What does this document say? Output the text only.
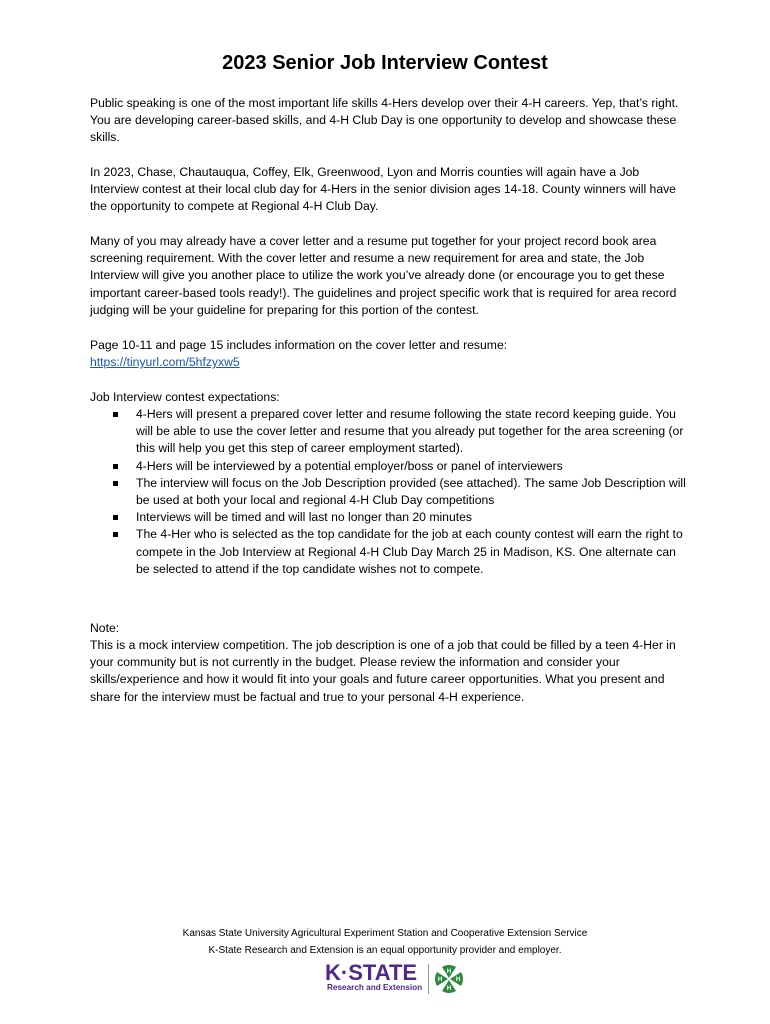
2023 Senior Job Interview Contest

Public speaking is one of the most important life skills 4-Hers develop over their 4-H careers. Yep, that’s right. You are developing career-based skills, and 4-H Club Day is one opportunity to develop and showcase these skills.

In 2023, Chase, Chautauqua, Coffey, Elk, Greenwood, Lyon and Morris counties will again have a Job Interview contest at their local club day for 4-Hers in the senior division ages 14-18. County winners will have the opportunity to compete at Regional 4-H Club Day.

Many of you may already have a cover letter and a resume put together for your project record book area screening requirement. With the cover letter and resume a new requirement for area and state, the Job Interview will give you another place to utilize the work you’ve already done (or encourage you to get these important career-based tools ready!). The guidelines and project specific work that is required for area record judging will be your guideline for preparing for this portion of the contest.

Page 10-11 and page 15 includes information on the cover letter and resume:
https://tinyurl.com/5hfzyxw5

Job Interview contest expectations:

4-Hers will present a prepared cover letter and resume following the state record keeping guide. You will be able to use the cover letter and resume that you already put together for the area screening (or this will help you get this step of career employment started).
4-Hers will be interviewed by a potential employer/boss or panel of interviewers
The interview will focus on the Job Description provided (see attached). The same Job Description will be used at both your local and regional 4-H Club Day competitions
Interviews will be timed and will last no longer than 20 minutes
The 4-Her who is selected as the top candidate for the job at each county contest will earn the right to compete in the Job Interview at Regional 4-H Club Day March 25 in Madison, KS. One alternate can be selected to attend if the top candidate wishes not to compete.

Note:

This is a mock interview competition. The job description is one of a job that could be filled by a teen 4-Her in your community but is not currently in the budget. Please review the information and consider your skills/experience and how it would fit into your goals and future career opportunities. What you present and share for the interview must be factual and true to your personal 4-H experience.

Kansas State University Agricultural Experiment Station and Cooperative Extension Service

K-State Research and Extension is an equal opportunity provider and employer.

K·STATE
Research and Extension
H
H
H
H
